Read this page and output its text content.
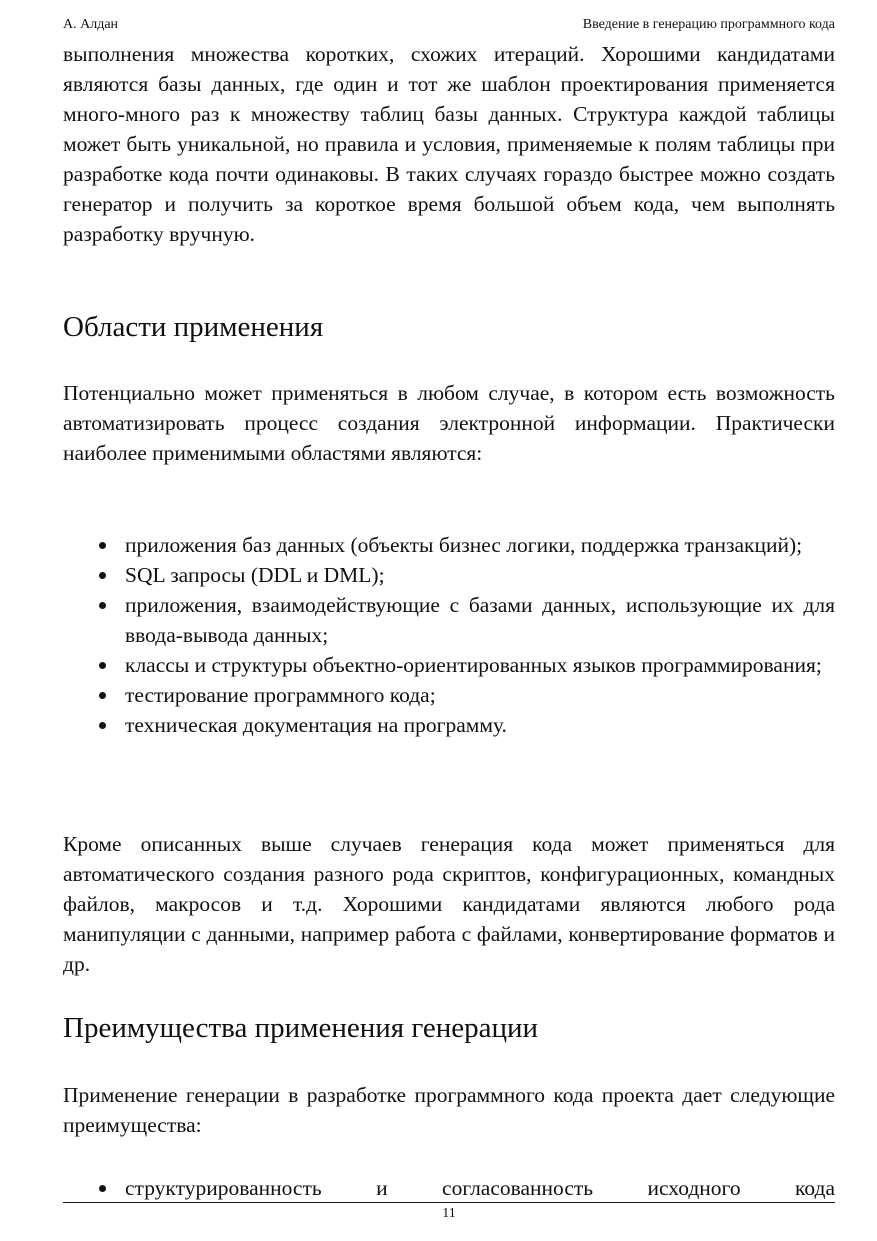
А. Алдан	Введение в генерацию программного кода

выполнения множества коротких, схожих итераций. Хорошими кандидатами являются базы данных, где один и тот же шаблон проектирования применяется много-много раз к множеству таблиц базы данных. Структура каждой таблицы может быть уникальной, но правила и условия, применяемые к полям таблицы при разработке кода почти одинаковы. В таких случаях гораздо быстрее можно создать генератор и получить за короткое время большой объем кода, чем выполнять разработку вручную.

Области применения

Потенциально может применяться в любом случае, в котором есть возможность автоматизировать процесс создания электронной информации. Практически наиболее применимыми областями являются:

приложения баз данных (объекты бизнес логики, поддержка транзакций);
SQL запросы (DDL и DML);
приложения, взаимодействующие с базами данных, использующие их для ввода-вывода данных;
классы и структуры объектно-ориентированных языков программирования;
тестирование программного кода;
техническая документация на программу.

Кроме описанных выше случаев генерация кода может применяться для автоматического создания разного рода скриптов, конфигурационных, командных файлов, макросов и т.д. Хорошими кандидатами являются любого рода манипуляции с данными, например работа с файлами, конвертирование форматов и др.

Преимущества применения генерации

Применение генерации в разработке программного кода проекта дает следующие преимущества:

структурированность и согласованность исходного кода
11
